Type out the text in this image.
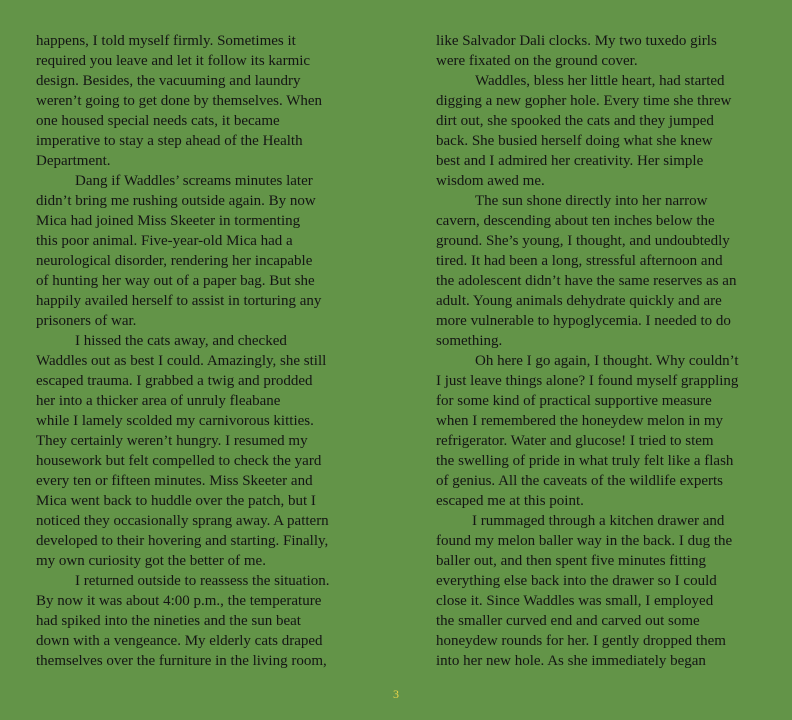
happens, I told myself firmly. Sometimes it
required you leave and let it follow its karmic
design. Besides, the vacuuming and laundry
weren’t going to get done by themselves. When
one housed special needs cats, it became
imperative to stay a step ahead of the Health
Department.
Dang if Waddles’ screams minutes later
didn’t bring me rushing outside again. By now
Mica had joined Miss Skeeter in tormenting
this poor animal. Five-year-old Mica had a
neurological disorder, rendering her incapable
of hunting her way out of a paper bag. But she
happily availed herself to assist in torturing any
prisoners of war.
I hissed the cats away, and checked
Waddles out as best I could. Amazingly, she still
escaped trauma. I grabbed a twig and prodded
her into a thicker area of unruly fleabane
while I lamely scolded my carnivorous kitties.
They certainly weren’t hungry. I resumed my
housework but felt compelled to check the yard
every ten or fifteen minutes. Miss Skeeter and
Mica went back to huddle over the patch, but I
noticed they occasionally sprang away. A pattern
developed to their hovering and starting. Finally,
my own curiosity got the better of me.
I returned outside to reassess the situation.
By now it was about 4:00 p.m., the temperature
had spiked into the nineties and the sun beat
down with a vengeance. My elderly cats draped
themselves over the furniture in the living room,
like Salvador Dali clocks. My two tuxedo girls
were fixated on the ground cover.
Waddles, bless her little heart, had started
digging a new gopher hole. Every time she threw
dirt out, she spooked the cats and they jumped
back. She busied herself doing what she knew
best and I admired her creativity. Her simple
wisdom awed me.
The sun shone directly into her narrow
cavern, descending about ten inches below the
ground. She’s young, I thought, and undoubtedly
tired. It had been a long, stressful afternoon and
the adolescent didn’t have the same reserves as an
adult. Young animals dehydrate quickly and are
more vulnerable to hypoglycemia. I needed to do
something.
Oh here I go again, I thought. Why couldn’t
I just leave things alone? I found myself grappling
for some kind of practical supportive measure
when I remembered the honeydew melon in my
refrigerator. Water and glucose! I tried to stem
the swelling of pride in what truly felt like a flash
of genius. All the caveats of the wildlife experts
escaped me at this point.
I rummaged through a kitchen drawer and
found my melon baller way in the back. I dug the
baller out, and then spent five minutes fitting
everything else back into the drawer so I could
close it. Since Waddles was small, I employed
the smaller curved end and carved out some
honeydew rounds for her. I gently dropped them
into her new hole. As she immediately began
3
